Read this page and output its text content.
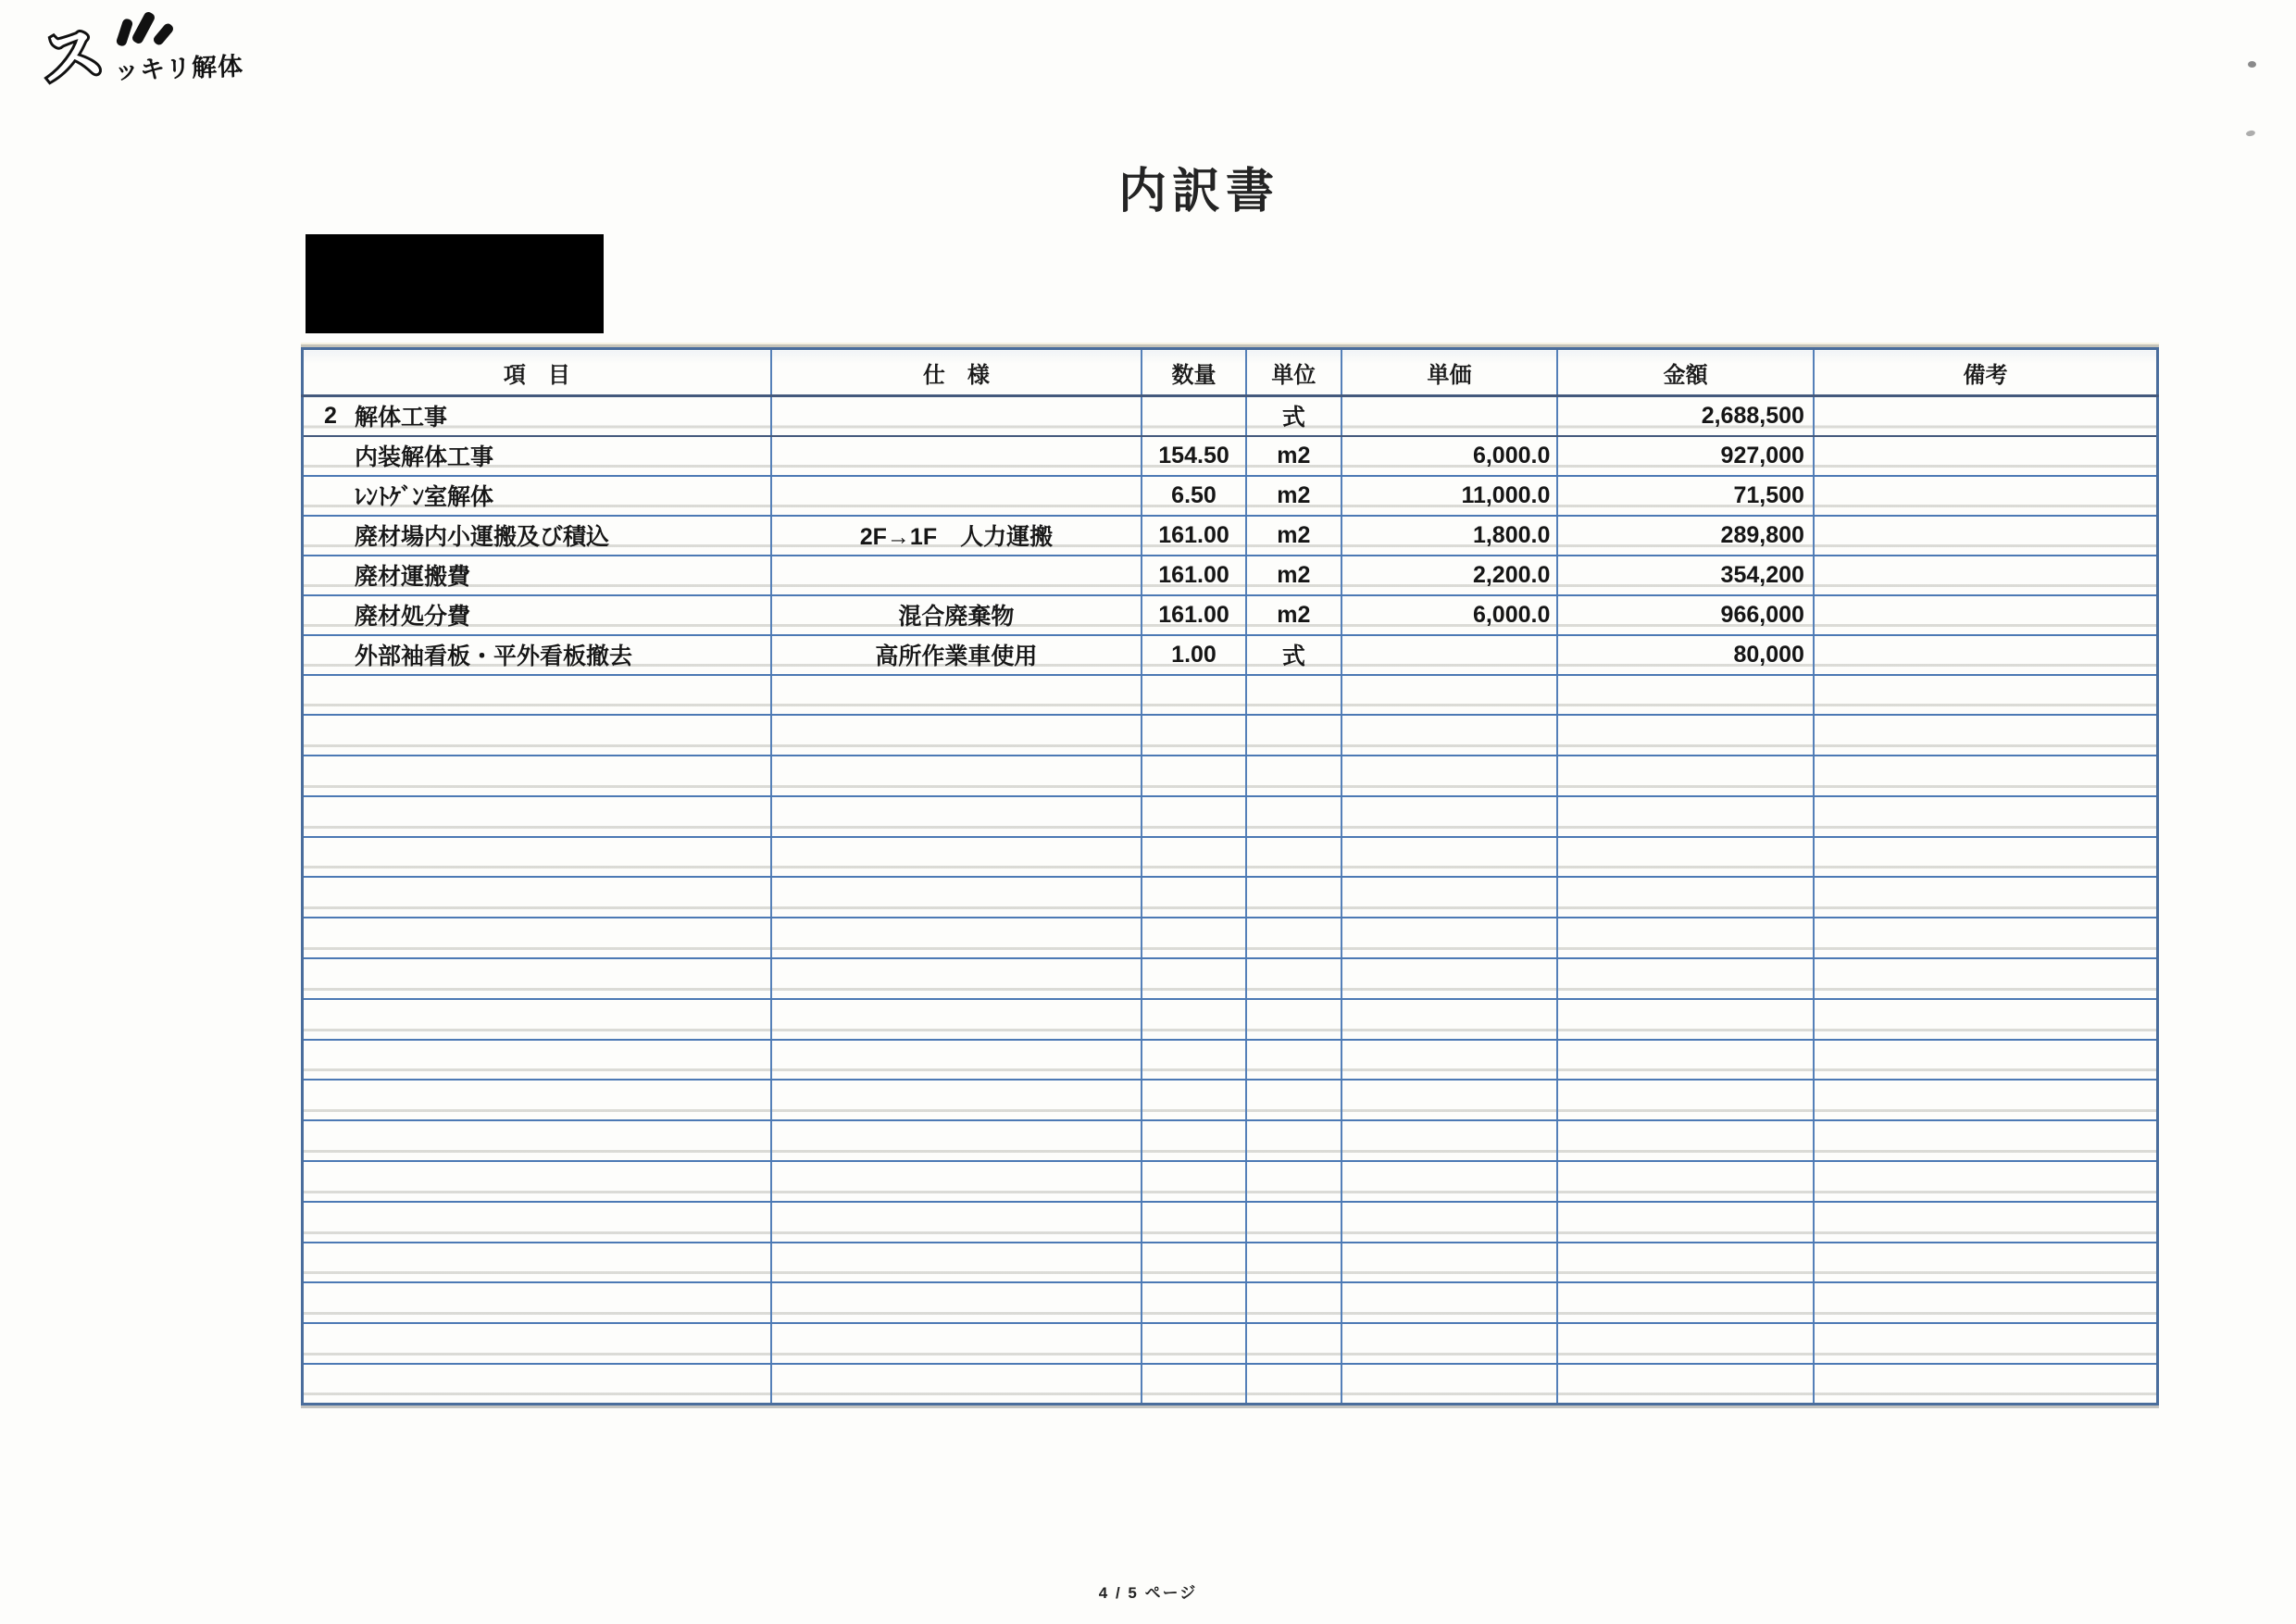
ス ッキリ解体
内訳書
項　目	仕　様	数量	単位	単価	金額	備考

2 解体工事			式		2,688,500	

内装解体工事		154.50	m2	6,000.0	927,000	

ﾚﾝﾄｹﾞﾝ室解体		6.50	m2	11,000.0	71,500	

廃材場内小運搬及び積込	2F→1F　人力運搬	161.00	m2	1,800.0	289,800	

廃材運搬費		161.00	m2	2,200.0	354,200	

廃材処分費	混合廃棄物	161.00	m2	6,000.0	966,000	

外部袖看板・平外看板撤去	高所作業車使用	1.00	式		80,000	

4 / 5 ページ
